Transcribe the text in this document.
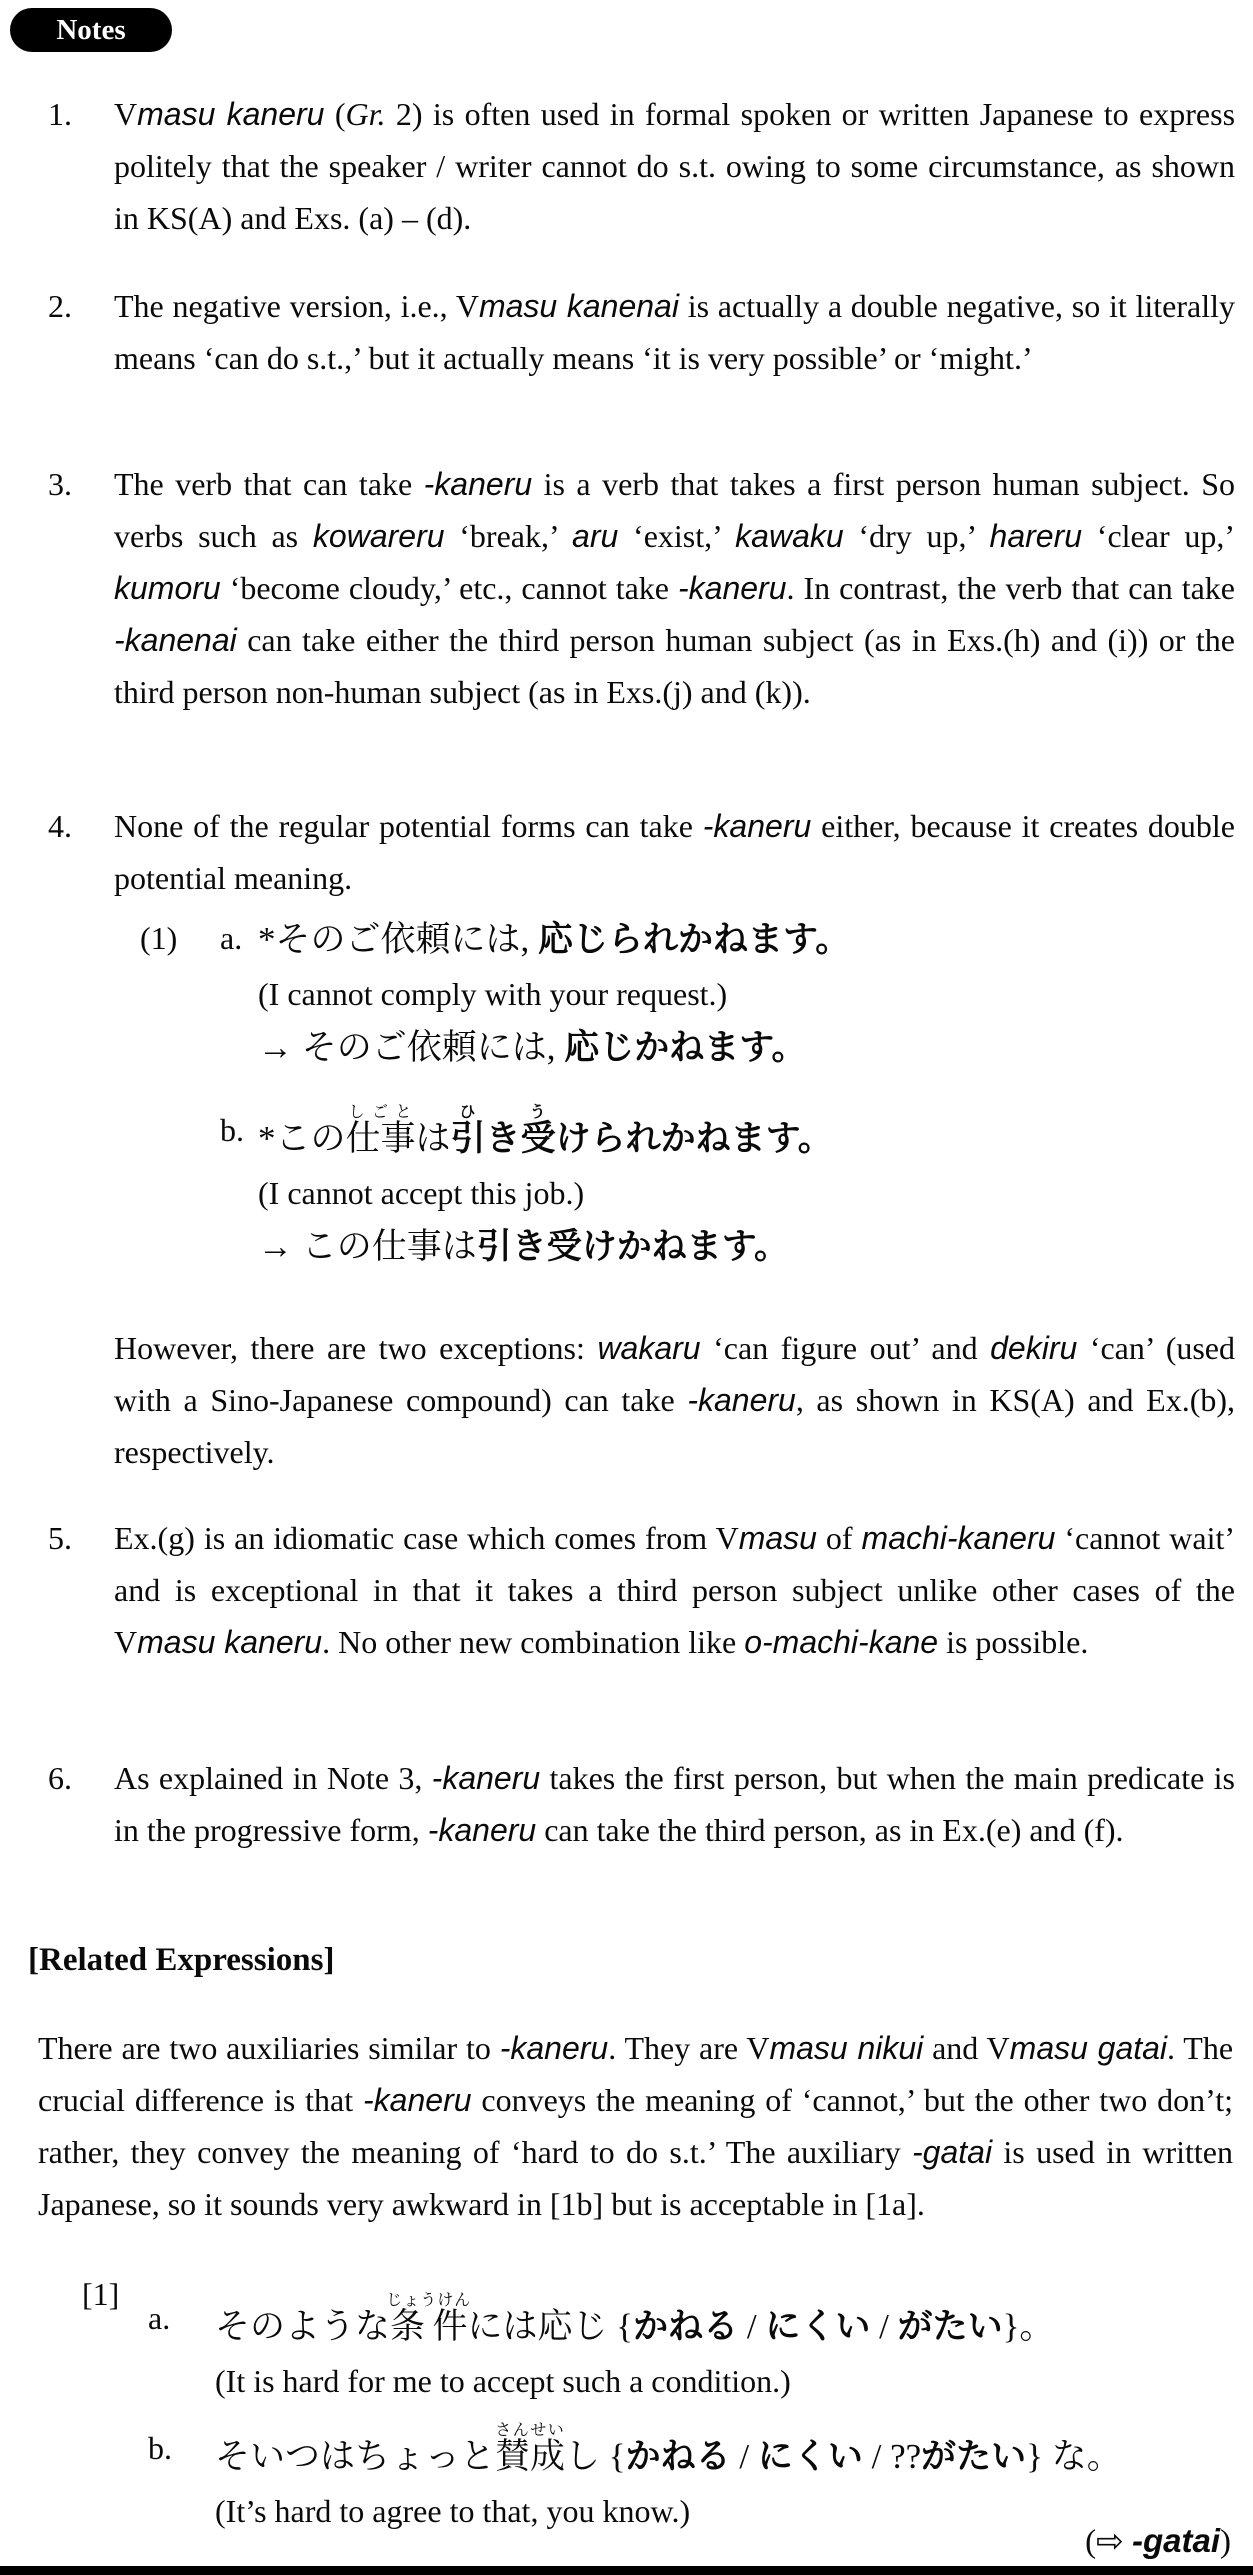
Notes
1.	Vmasu kaneru (Gr. 2) is often used in formal spoken or written Japanese to express politely that the speaker / writer cannot do s.t. owing to some circumstance, as shown in KS(A) and Exs. (a) – (d).
2.	The negative version, i.e., Vmasu kanenai is actually a double negative, so it literally means ‘can do s.t.,’ but it actually means ‘it is very possible’ or ‘might.’
3.	The verb that can take -kaneru is a verb that takes a first person human subject. So verbs such as kowareru ‘break,’ aru ‘exist,’ kawaku ‘dry up,’ hareru ‘clear up,’ kumoru ‘become cloudy,’ etc., cannot take -kaneru. In contrast, the verb that can take -kanenai can take either the third person human subject (as in Exs.(h) and (i)) or the third person non-human subject (as in Exs.(j) and (k)).
4.	None of the regular potential forms can take -kaneru either, because it creates double potential meaning.
(1)	a. *そのご依頼には, 応じられかねます。
(I cannot comply with your request.)
→ そのご依頼には, 応じかねます。
b. *この仕事しごとは引ひき受うけられかねます。
(I cannot accept this job.)
→ この仕事は引き受けかねます。
However, there are two exceptions: wakaru ‘can figure out’ and dekiru ‘can’ (used with a Sino-Japanese compound) can take -kaneru, as shown in KS(A) and Ex.(b), respectively.
5.	Ex.(g) is an idiomatic case which comes from Vmasu of machi-kaneru ‘cannot wait’ and is exceptional in that it takes a third person subject unlike other cases of the Vmasu kaneru. No other new combination like o-machi-kane is possible.
6.	As explained in Note 3, -kaneru takes the first person, but when the main predicate is in the progressive form, -kaneru can take the third person, as in Ex.(e) and (f).
[Related Expressions]
There are two auxiliaries similar to -kaneru. They are Vmasu nikui and Vmasu gatai. The crucial difference is that -kaneru conveys the meaning of ‘cannot,’ but the other two don’t; rather, they convey the meaning of ‘hard to do s.t.’ The auxiliary -gatai is used in written Japanese, so it sounds very awkward in [1b] but is acceptable in [1a].
[1]
a.	そのような条件じょうけんには応じ {かねる / にくい / がたい}。
(It is hard for me to accept such a condition.)
b.	そいつはちょっと賛成さんせいし {かねる / にくい / ??がたい} な。
(It’s hard to agree to that, you know.)
(⇨ -gatai)
